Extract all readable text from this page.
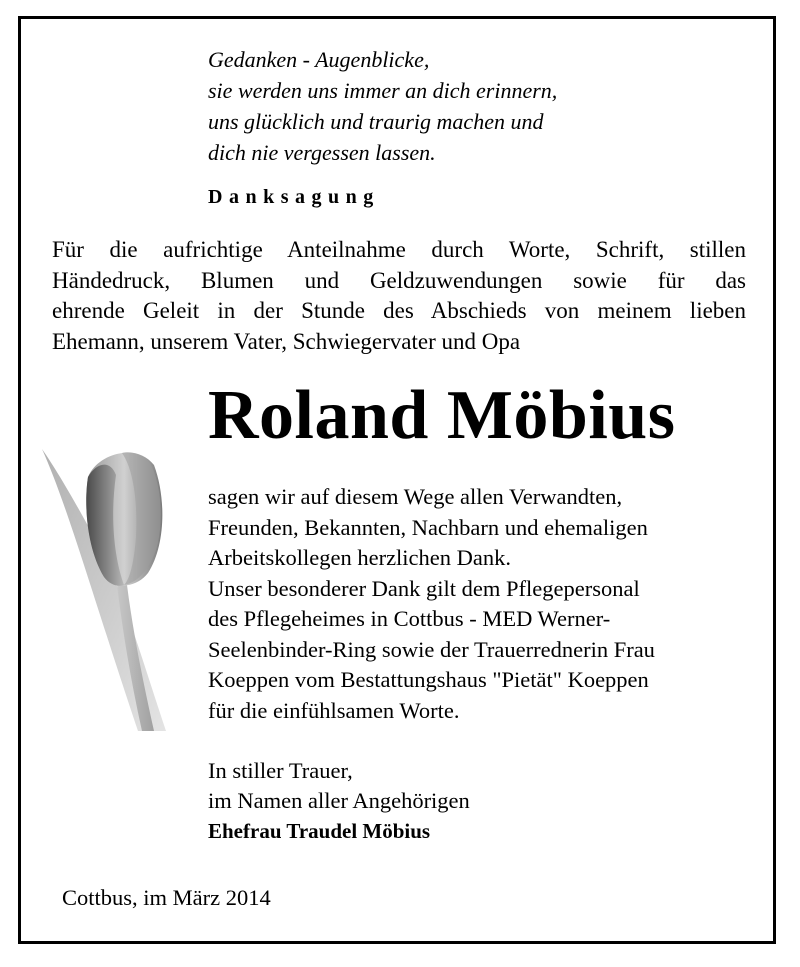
Gedanken - Augenblicke,
sie werden uns immer an dich erinnern,
uns glücklich und traurig machen und
dich nie vergessen lassen.
Danksagung
Für die aufrichtige Anteilnahme durch Worte, Schrift, stillen
Händedruck, Blumen und Geldzuwendungen sowie für das
ehrende Geleit in der Stunde des Abschieds von meinem lieben
Ehemann, unserem Vater, Schwiegervater und Opa
Roland Möbius
sagen wir auf diesem Wege allen Verwandten,
Freunden, Bekannten, Nachbarn und ehemaligen
Arbeitskollegen herzlichen Dank.
Unser besonderer Dank gilt dem Pflegepersonal
des Pflegeheimes in Cottbus - MED Werner-
Seelenbinder-Ring sowie der Trauerrednerin Frau
Koeppen vom Bestattungshaus "Pietät" Koeppen
für die einfühlsamen Worte.
In stiller Trauer,
im Namen aller Angehörigen
Ehefrau Traudel Möbius
Cottbus, im März 2014
